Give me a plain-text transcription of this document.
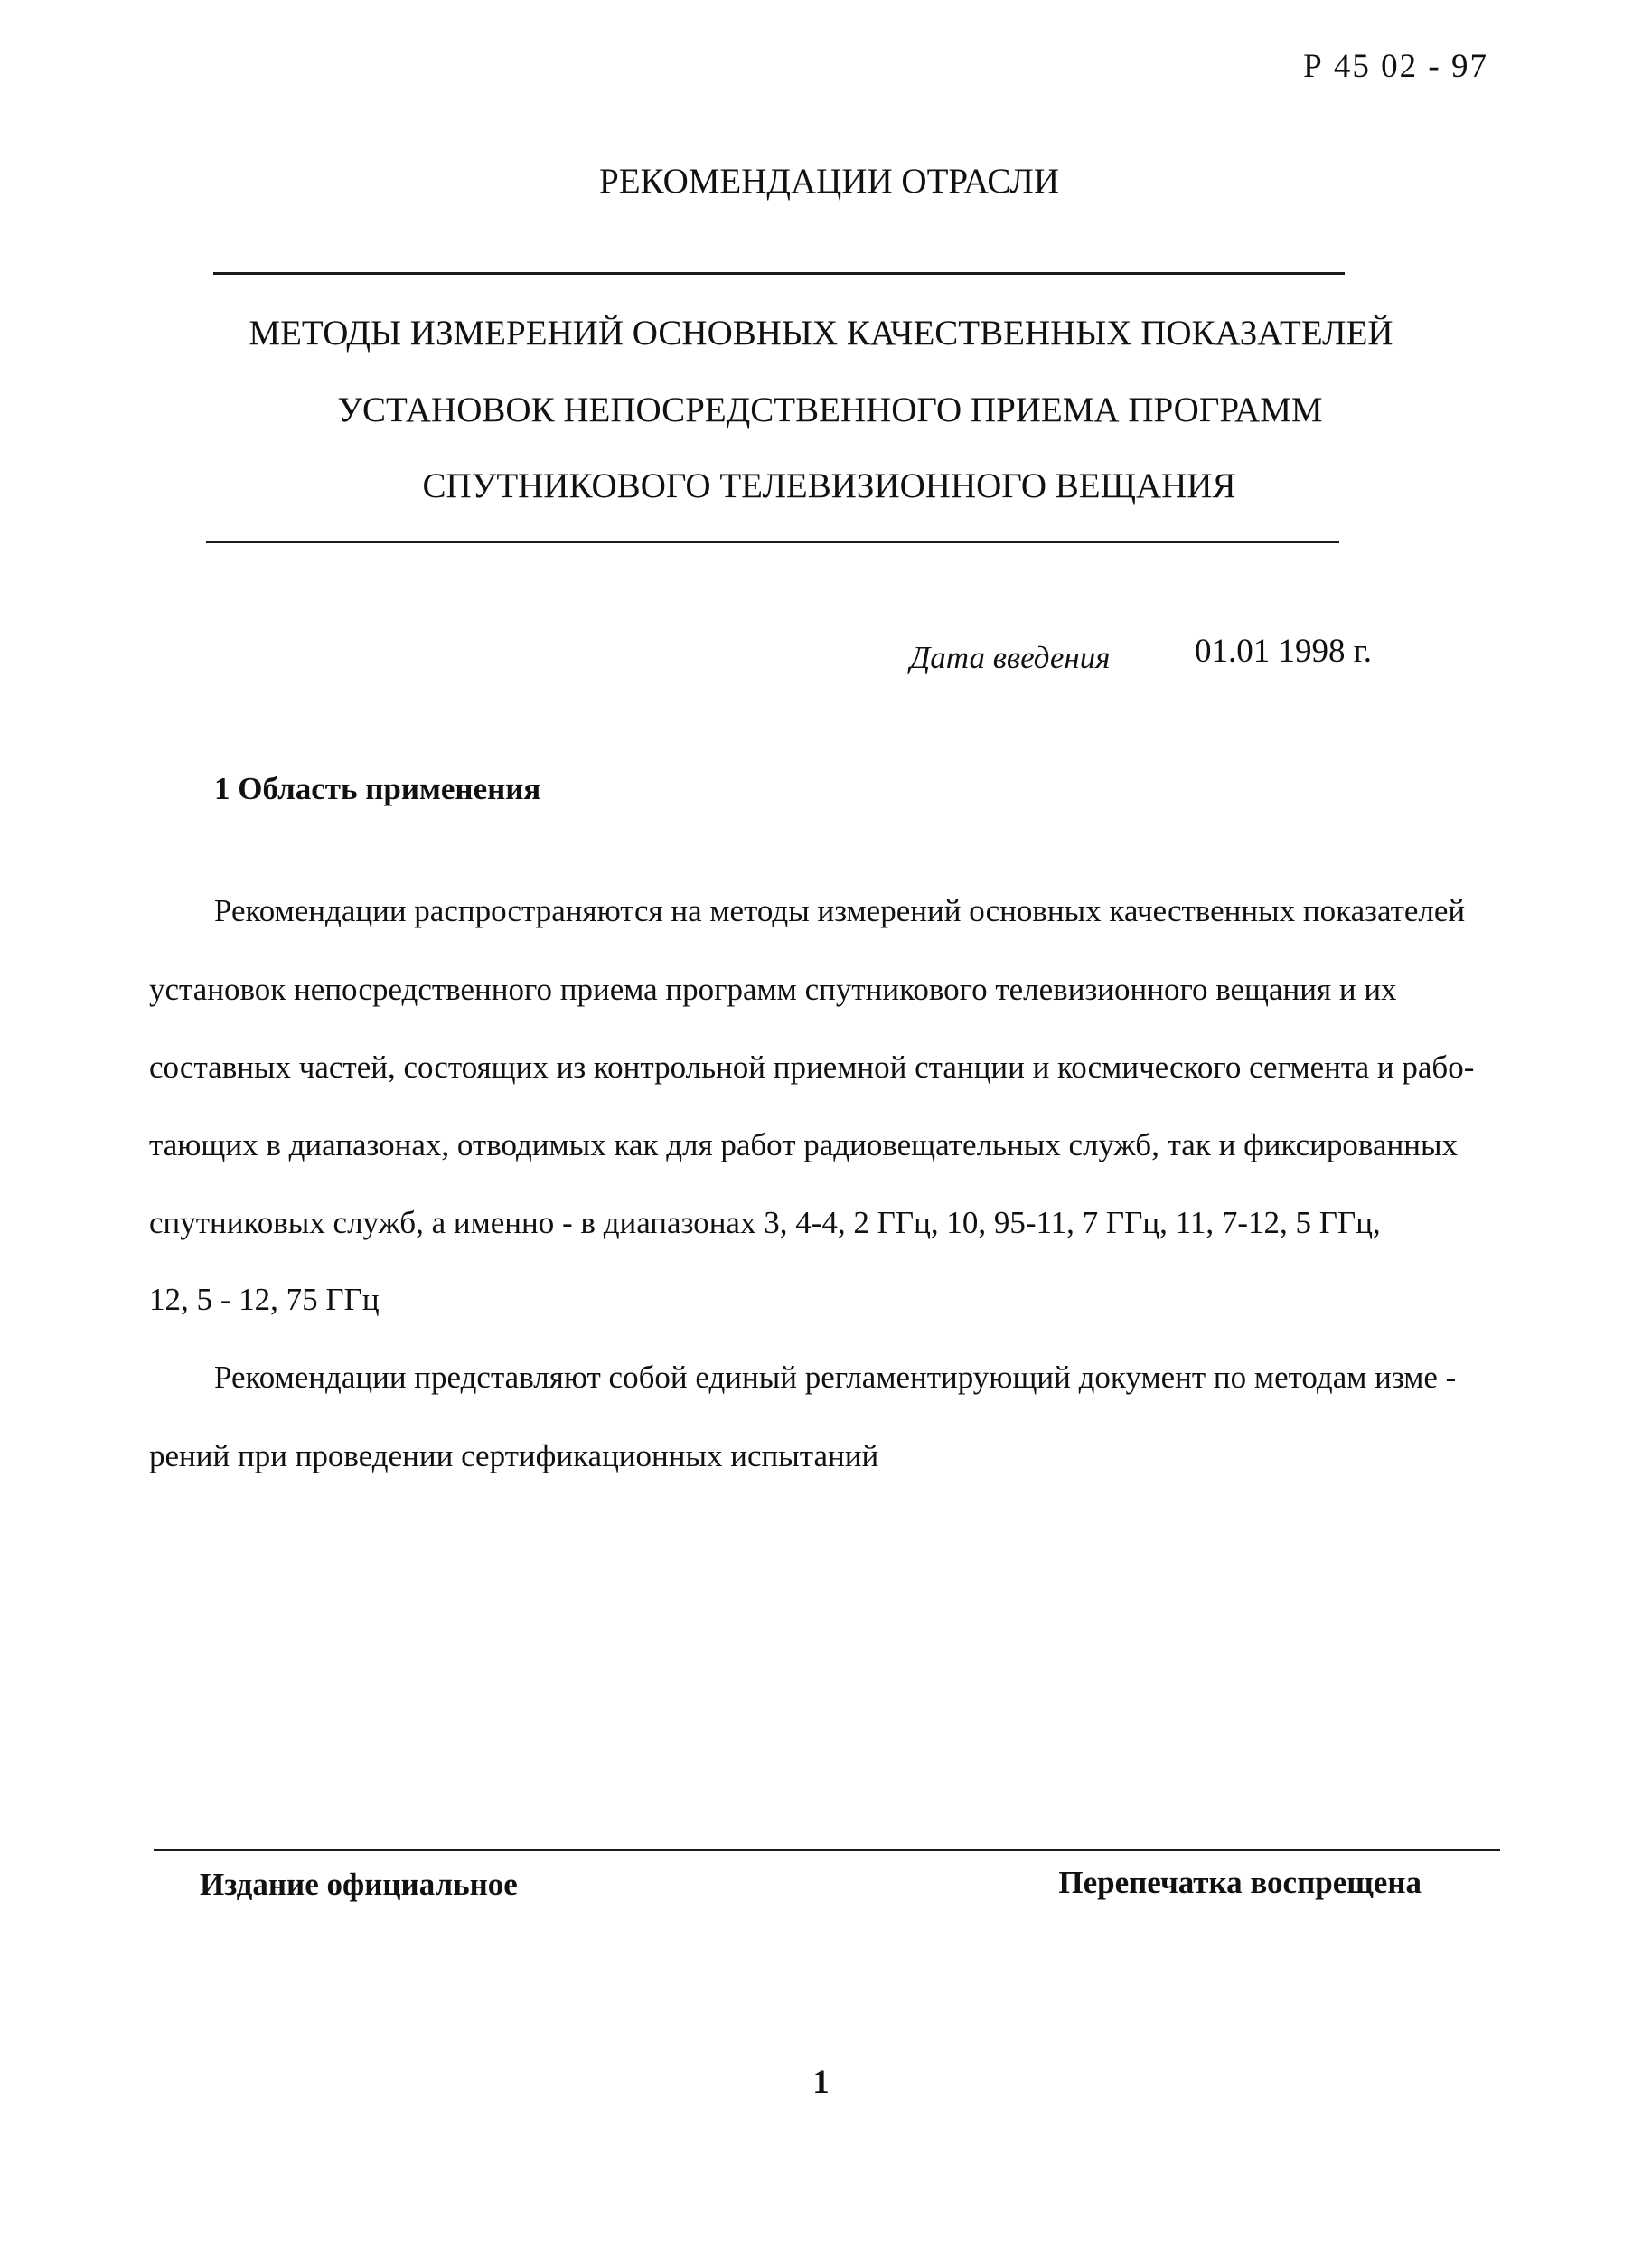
Р 45 02 - 97
РЕКОМЕНДАЦИИ ОТРАСЛИ
МЕТОДЫ ИЗМЕРЕНИЙ ОСНОВНЫХ КАЧЕСТВЕННЫХ ПОКАЗАТЕЛЕЙ
УСТАНОВОК НЕПОСРЕДСТВЕННОГО ПРИЕМА ПРОГРАММ
СПУТНИКОВОГО ТЕЛЕВИЗИОННОГО ВЕЩАНИЯ
Дата введения	01.01 1998 г.
1 Область применения
Рекомендации распространяются на методы измерений основных качественных показателей
установок непосредственного приема программ спутникового телевизионного вещания и их
составных частей, состоящих из контрольной приемной станции и космического сегмента и рабо-
тающих в диапазонах, отводимых как для работ радиовещательных служб, так и фиксированных
спутниковых служб, а именно - в диапазонах 3, 4-4, 2 ГГц, 10, 95-11, 7 ГГц, 11, 7-12, 5 ГГц,
12, 5 - 12, 75 ГГц
Рекомендации представляют собой единый регламентирующий документ по методам изме -
рений при проведении сертификационных испытаний
Издание официальное	Перепечатка воспрещена
1
